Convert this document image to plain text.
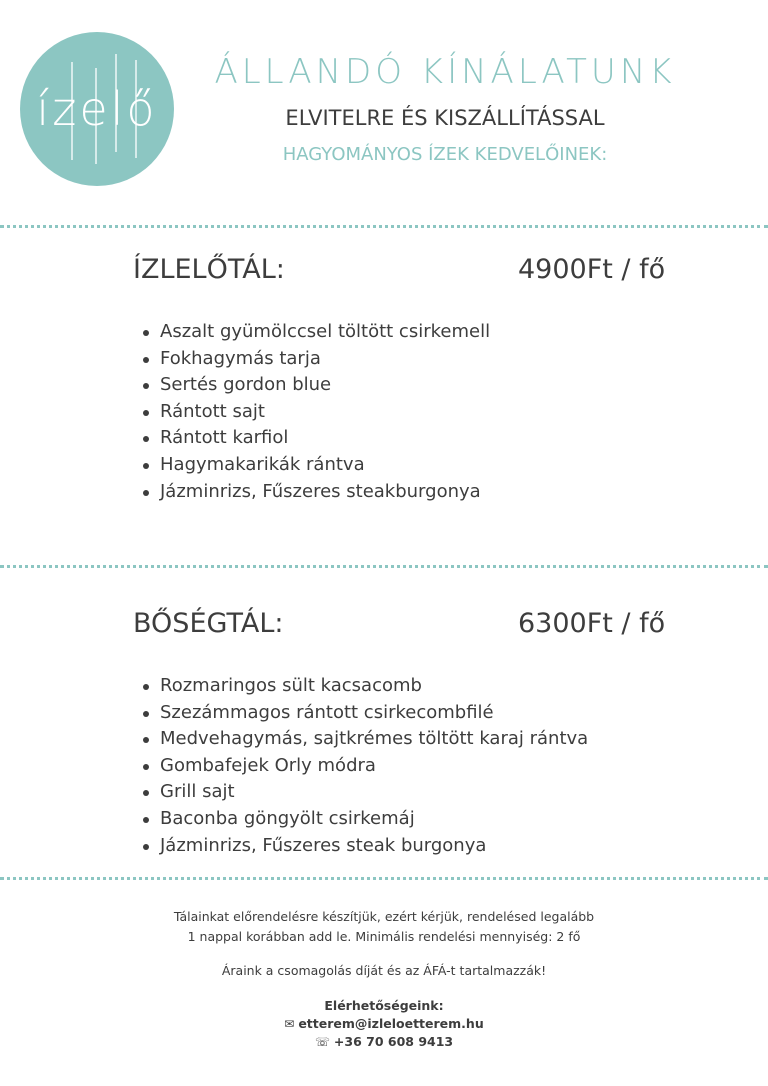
ízelő
ÁLLANDÓ KÍNÁLATUNK
ELVITELRE ÉS KISZÁLLÍTÁSSAL
HAGYOMÁNYOS ÍZEK KEDVELŐINEK:
ÍZLELŐTÁL:	4900Ft / fő
Aszalt gyümölccsel töltött csirkemell
Fokhagymás tarja
Sertés gordon blue
Rántott sajt
Rántott karfiol
Hagymakarikák rántva
Jázminrizs, Fűszeres steakburgonya
BŐSÉGTÁL:	6300Ft / fő
Rozmaringos sült kacsacomb
Szezámmagos rántott csirkecombfilé
Medvehagymás, sajtkrémes töltött karaj rántva
Gombafejek Orly módra
Grill sajt
Baconba göngyölt csirkemáj
Jázminrizs, Fűszeres steak burgonya
Tálainkat előrendelésre készítjük, ezért kérjük, rendelésed legalább
1 nappal korábban add le. Minimális rendelési mennyiség: 2 fő
Áraink a csomagolás díját és az ÁFÁ-t tartalmazzák!
Elérhetőségeink:
✉ etterem@izleloetterem.hu
☏ +36 70 608 9413
